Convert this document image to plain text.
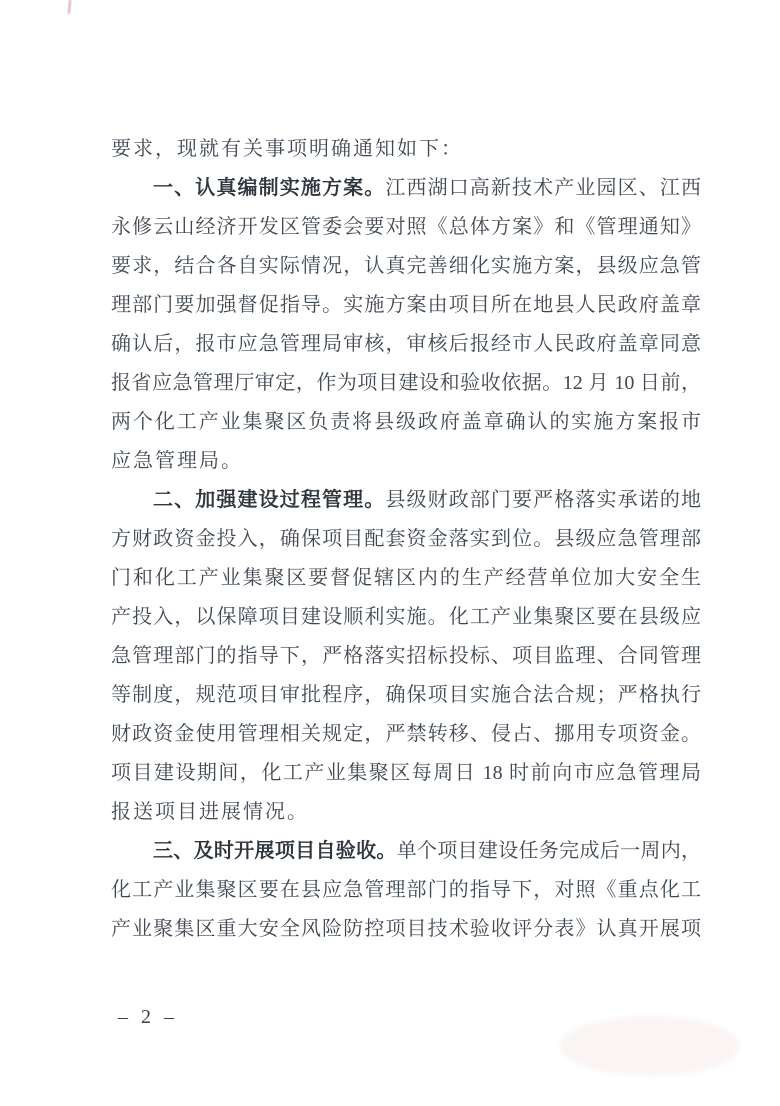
要求，现就有关事项明确通知如下：
一、认真编制实施方案。江西湖口高新技术产业园区、江西
永修云山经济开发区管委会要对照《总体方案》和《管理通知》
要求，结合各自实际情况，认真完善细化实施方案，县级应急管
理部门要加强督促指导。实施方案由项目所在地县人民政府盖章
确认后，报市应急管理局审核，审核后报经市人民政府盖章同意
报省应急管理厅审定，作为项目建设和验收依据。12 月 10 日前，
两个化工产业集聚区负责将县级政府盖章确认的实施方案报市
应急管理局。
二、加强建设过程管理。县级财政部门要严格落实承诺的地
方财政资金投入，确保项目配套资金落实到位。县级应急管理部
门和化工产业集聚区要督促辖区内的生产经营单位加大安全生
产投入，以保障项目建设顺利实施。化工产业集聚区要在县级应
急管理部门的指导下，严格落实招标投标、项目监理、合同管理
等制度，规范项目审批程序，确保项目实施合法合规；严格执行
财政资金使用管理相关规定，严禁转移、侵占、挪用专项资金。
项目建设期间，化工产业集聚区每周日 18 时前向市应急管理局
报送项目进展情况。
三、及时开展项目自验收。单个项目建设任务完成后一周内，
化工产业集聚区要在县应急管理部门的指导下，对照《重点化工
产业聚集区重大安全风险防控项目技术验收评分表》认真开展项
– 2 –
